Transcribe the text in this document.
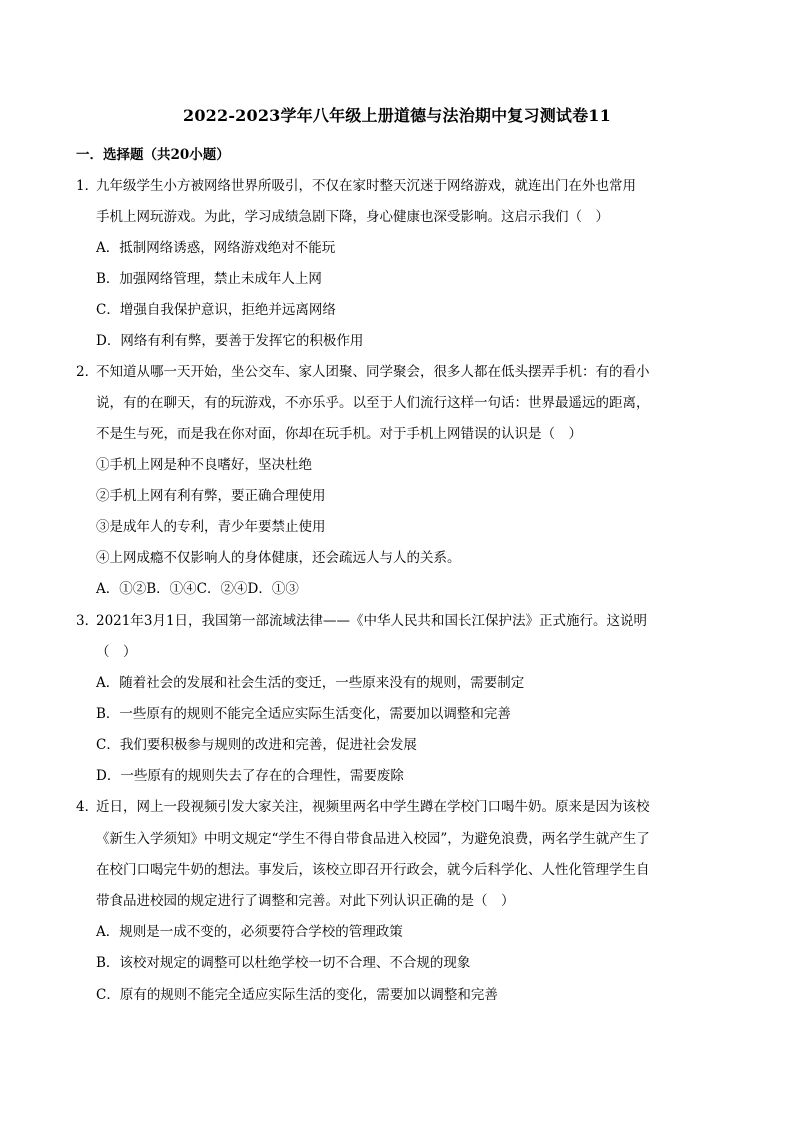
2022-2023学年八年级上册道德与法治期中复习测试卷11
一．选择题（共20小题）
1．
九年级学生小方被网络世界所吸引，不仅在家时整天沉迷于网络游戏，就连出门在外也常用
手机上网玩游戏。为此，学习成绩急剧下降，身心健康也深受影响。这启示我们（　）
A．抵制网络诱惑，网络游戏绝对不能玩
B．加强网络管理，禁止未成年人上网
C．增强自我保护意识，拒绝并远离网络
D．网络有利有弊，要善于发挥它的积极作用
2．
不知道从哪一天开始，坐公交车、家人团聚、同学聚会，很多人都在低头摆弄手机：有的看小
说，有的在聊天，有的玩游戏，不亦乐乎。以至于人们流行这样一句话：世界最遥远的距离，
不是生与死，而是我在你对面，你却在玩手机。对于手机上网错误的认识是（　）
①手机上网是种不良嗜好，坚决杜绝
②手机上网有利有弊，要正确合理使用
③是成年人的专利，青少年要禁止使用
④上网成瘾不仅影响人的身体健康，还会疏远人与人的关系。
A．①②B．①④C．②④D．①③
3．
2021年3月1日，我国第一部流域法律——《中华人民共和国长江保护法》正式施行。这说明
（　）
A．随着社会的发展和社会生活的变迁，一些原来没有的规则，需要制定
B．一些原有的规则不能完全适应实际生活变化，需要加以调整和完善
C．我们要积极参与规则的改进和完善，促进社会发展
D．一些原有的规则失去了存在的合理性，需要废除
4．
近日，网上一段视频引发大家关注，视频里两名中学生蹲在学校门口喝牛奶。原来是因为该校
《新生入学须知》中明文规定“学生不得自带食品进入校园”，为避免浪费，两名学生就产生了
在校门口喝完牛奶的想法。事发后，该校立即召开行政会，就今后科学化、人性化管理学生自
带食品进校园的规定进行了调整和完善。对此下列认识正确的是（　）
A．规则是一成不变的，必须要符合学校的管理政策
B．该校对规定的调整可以杜绝学校一切不合理、不合规的现象
C．原有的规则不能完全适应实际生活的变化，需要加以调整和完善
